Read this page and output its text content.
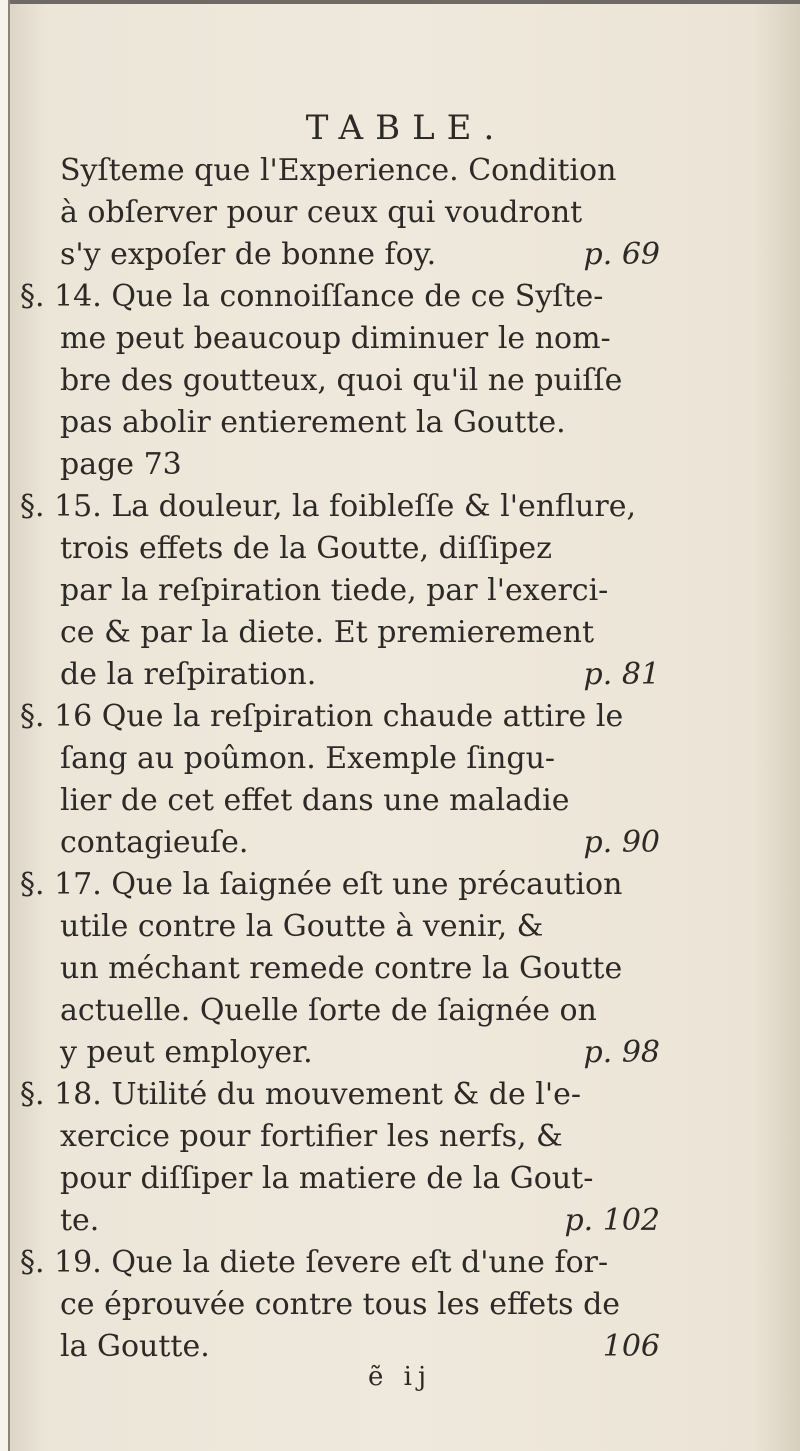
TABLE.
Syſteme que l'Experience. Condition
à obſerver pour ceux qui voudront
s'y expoſer de bonne foy.	p. 69
§. 14. Que la connoiſſance de ce Syſte-
me peut beaucoup diminuer le nom-
bre des goutteux, quoi qu'il ne puiſſe
pas abolir entierement la Goutte.
page 73
§. 15. La douleur, la foibleſſe & l'enflure,
trois effets de la Goutte, diſſipez
par la reſpiration tiede, par l'exerci-
ce & par la diete. Et premierement
de la reſpiration.	p. 81
§. 16 Que la reſpiration chaude attire le
ſang au poûmon. Exemple ſingu-
lier de cet effet dans une maladie
contagieuſe.	p. 90
§. 17. Que la ſaignée eſt une précaution
utile contre la Goutte à venir, &
un méchant remede contre la Goutte
actuelle. Quelle ſorte de ſaignée on
y peut employer.	p. 98
§. 18. Utilité du mouvement & de l'e-
xercice pour fortifier les nerfs, &
pour diſſiper la matiere de la Gout-
te.	p. 102
§. 19. Que la diete ſevere eſt d'une for-
ce éprouvée contre tous les effets de
la Goutte.	106
ẽ ij
